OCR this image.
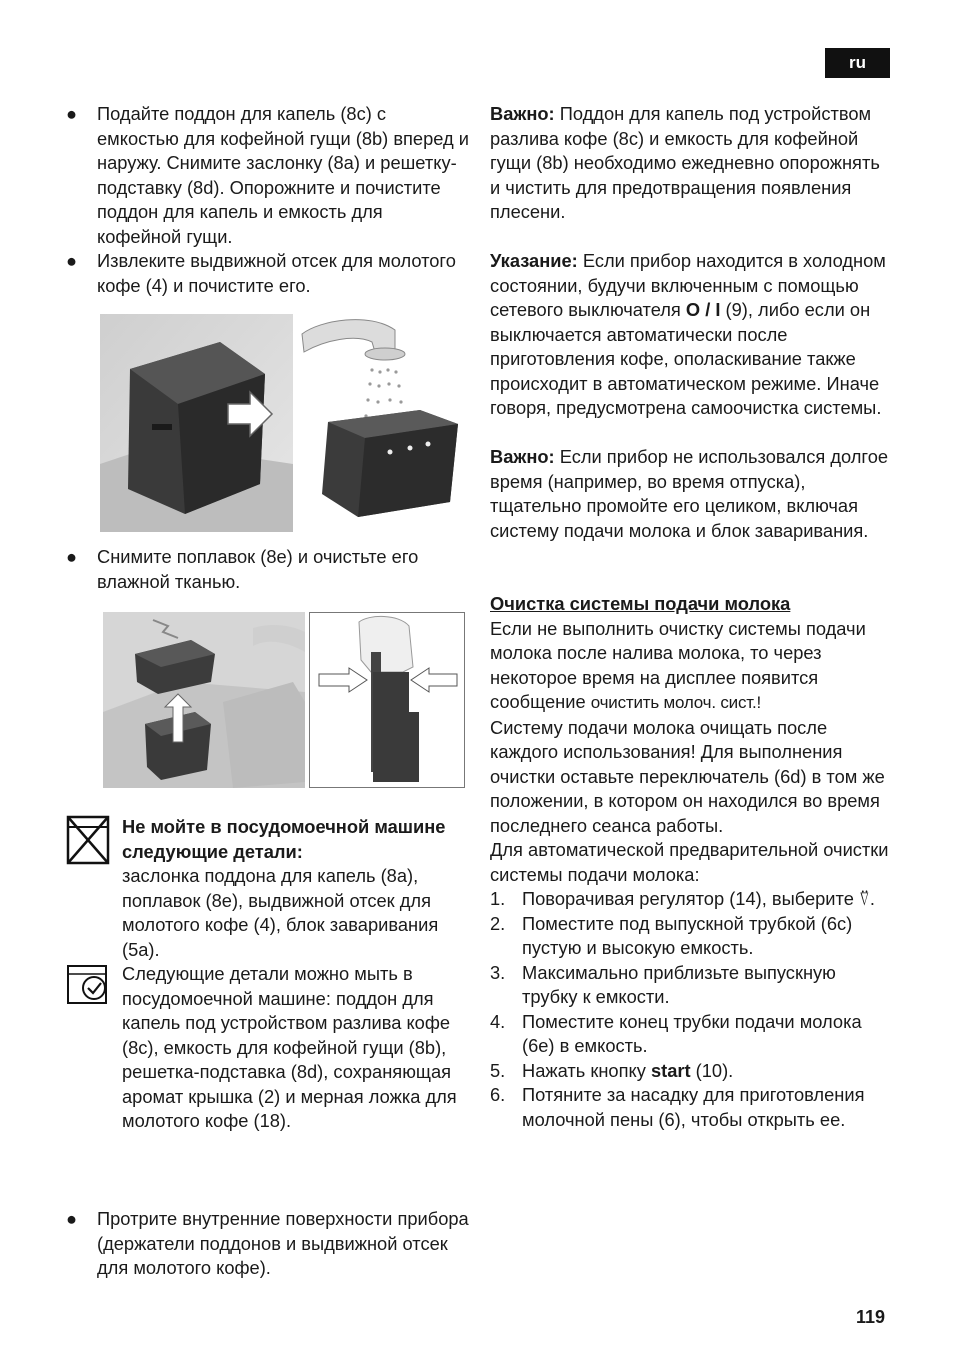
ru
●	Подайте поддон для капель (8c) с емкостью для кофейной гущи (8b) вперед и наружу. Снимите заслонку (8a) и решетку-подставку (8d). Опорожните и почистите поддон для капель и емкость для кофейной гущи.
●	Извлеките выдвижной отсек для молотого кофе (4) и почистите его.
●	Снимите поплавок (8e) и очистьте его влажной тканью.
Не мойте в посудомоечной машине следующие детали:
заслонка поддона для капель (8a), поплавок (8e), выдвижной отсек для молотого кофе (4), блок заваривания (5a).
Следующие детали можно мыть в посудомоечной машине: поддон для капель под устройством разлива кофе (8c), емкость для кофейной гущи (8b), решетка-подставка (8d), сохраняющая аромат крышка (2) и мерная ложка для молотого кофе (18).
●	Протрите внутренние поверхности прибора (держатели поддонов и выдвижной отсек для молотого кофе).

Важно: Поддон для капель под устройством разлива кофе (8c) и емкость для кофейной гущи (8b) необходимо ежедневно опорожнять и чистить для предотвращения появления плесени.

Указание: Если прибор находится в холодном состоянии, будучи включенным с помощью сетевого выключателя O / I (9), либо если он выключается автоматически после приготовления кофе, ополаскивание также происходит в автоматическом режиме. Иначе говоря, предусмотрена самоочистка системы.

Важно: Если прибор не использовался долгое время (например, во время отпуска), тщательно промойте его целиком, включая систему подачи молока и блок заваривания.

Очистка системы подачи молока

Если не выполнить очистку системы подачи молока после налива молока, то через некоторое время на дисплее появится сообщение очистить молоч. сист.!

Систему подачи молока очищать после каждого использования! Для выполнения очистки оставьте переключатель (6d) в том же положении, в котором он находился во время последнего сеанса работы.

Для автоматической предварительной очистки системы подачи молока:

1. Поворачивая регулятор (14), выберите ⍢.
2. Поместите под выпускной трубкой (6c) пустую и высокую емкость.
3. Максимально приблизьте выпускную трубку к емкости.
4. Поместите конец трубки подачи молока (6e) в емкость.
5. Нажать кнопку start (10).
6. Потяните за насадку для приготовления молочной пены (6), чтобы открыть ее.
119
